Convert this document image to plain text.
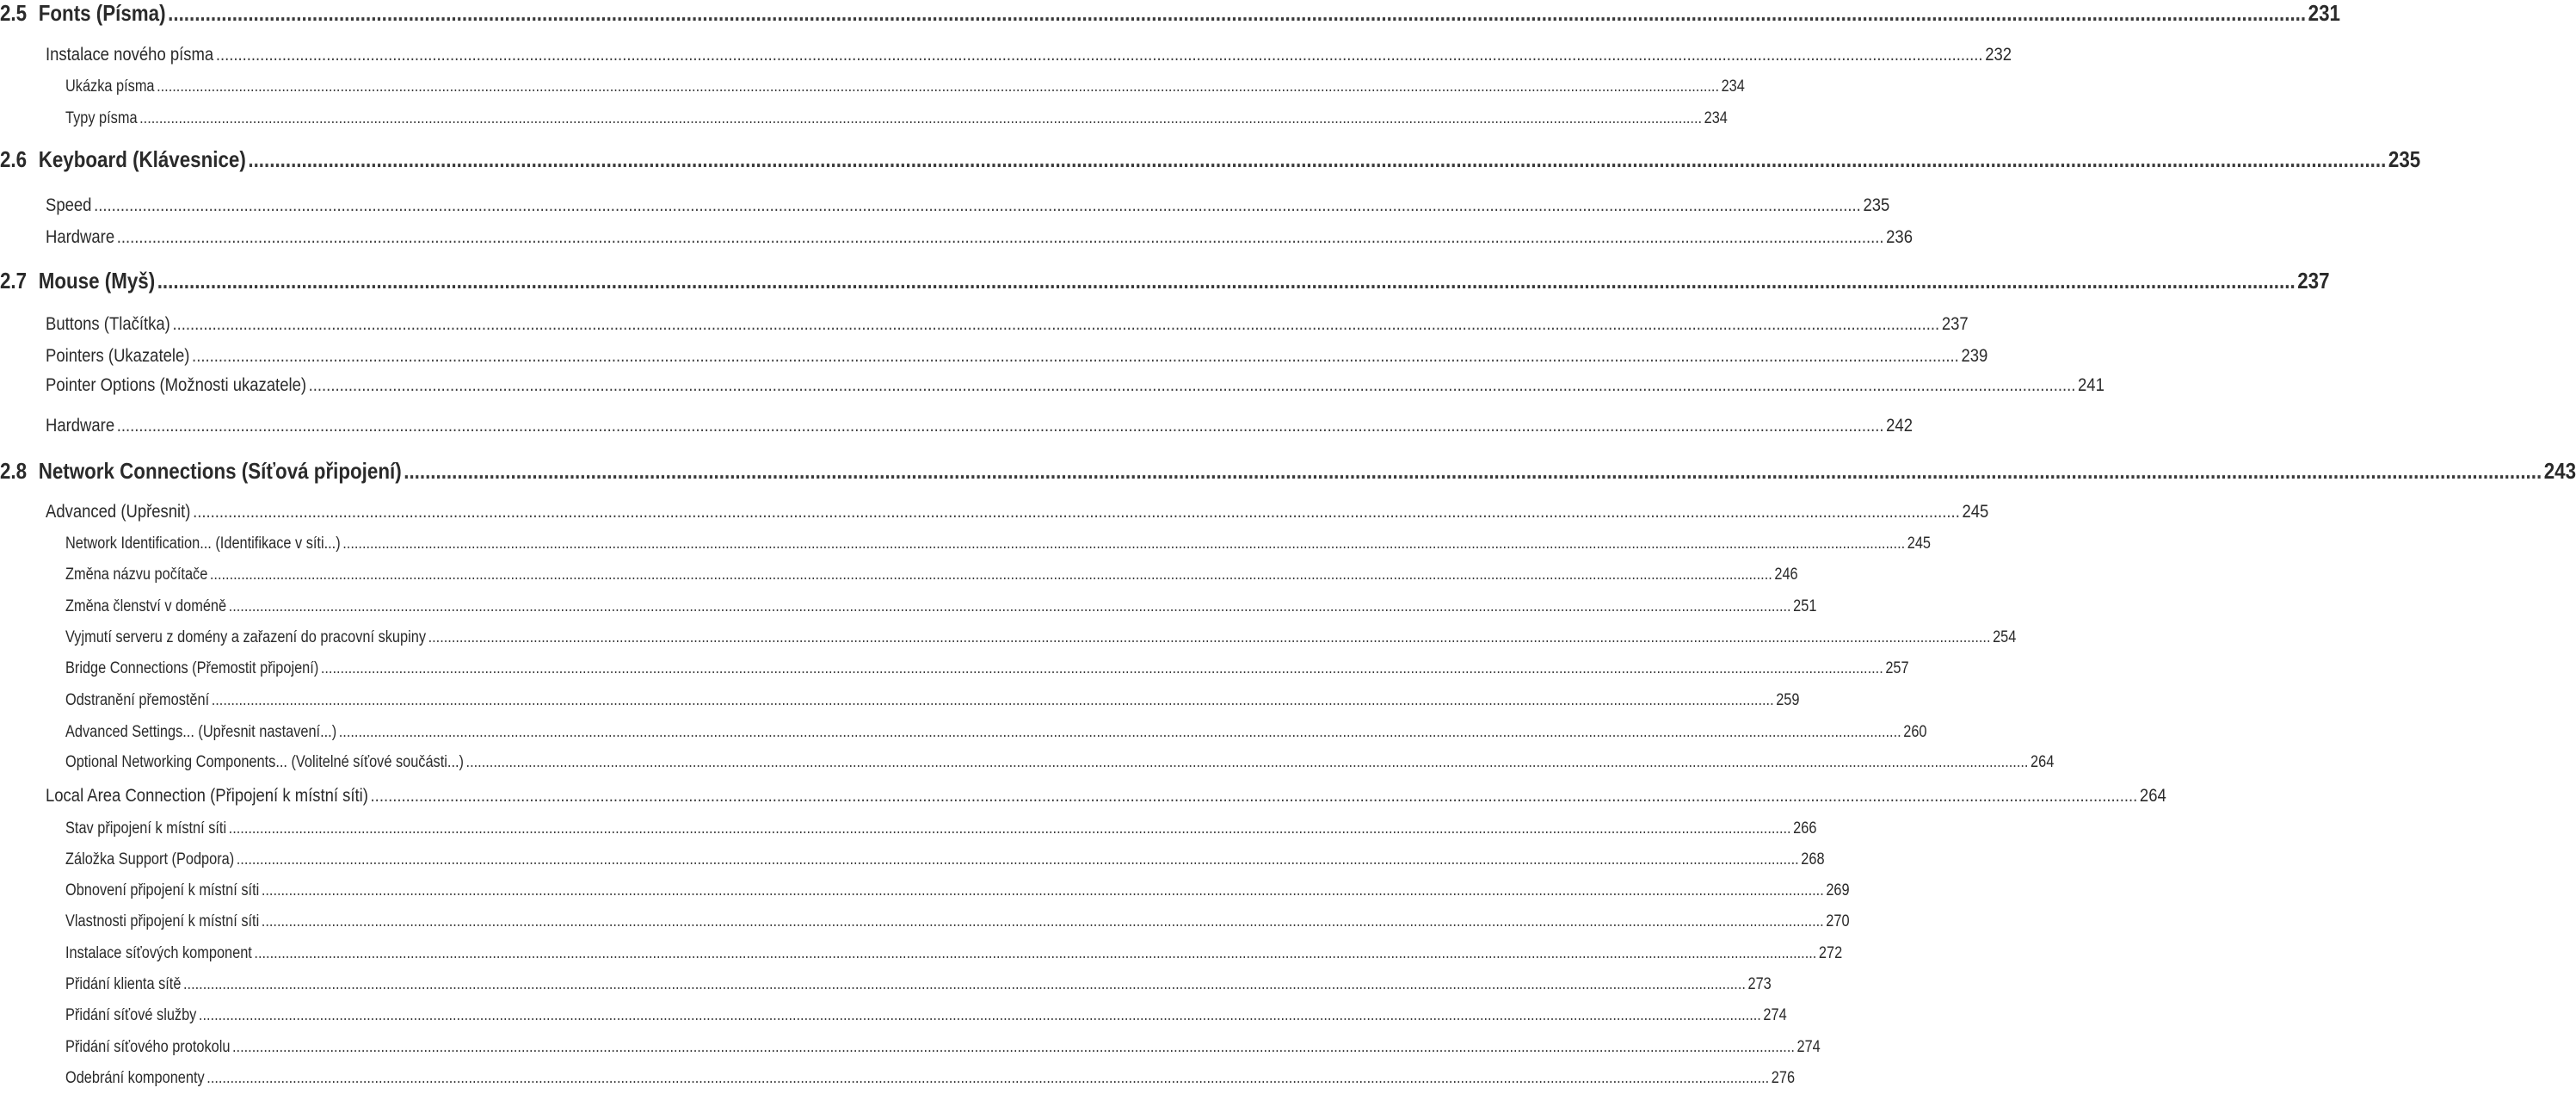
2.5 Fonts (Písma) ................................................................................................................................................................................................................................................................................................................................................................................................................ 231
Instalace nového písma ................................................................................................................................................................................................................................................................................................................................................................................................................ 232
Ukázka písma ................................................................................................................................................................................................................................................................................................................................................................................................................ 234
Typy písma ................................................................................................................................................................................................................................................................................................................................................................................................................ 234
2.6 Keyboard (Klávesnice) ................................................................................................................................................................................................................................................................................................................................................................................................................ 235
Speed ................................................................................................................................................................................................................................................................................................................................................................................................................ 235
Hardware ................................................................................................................................................................................................................................................................................................................................................................................................................ 236
2.7 Mouse (Myš) ................................................................................................................................................................................................................................................................................................................................................................................................................ 237
Buttons (Tlačítka) ................................................................................................................................................................................................................................................................................................................................................................................................................ 237
Pointers (Ukazatele) ................................................................................................................................................................................................................................................................................................................................................................................................................ 239
Pointer Options (Možnosti ukazatele) ................................................................................................................................................................................................................................................................................................................................................................................................................ 241
Hardware ................................................................................................................................................................................................................................................................................................................................................................................................................ 242
2.8 Network Connections (Síťová připojení) ................................................................................................................................................................................................................................................................................................................................................................................................................ 243
Advanced (Upřesnit) ................................................................................................................................................................................................................................................................................................................................................................................................................ 245
Network Identification... (Identifikace v síti...) ................................................................................................................................................................................................................................................................................................................................................................................................................ 245
Změna názvu počítače ................................................................................................................................................................................................................................................................................................................................................................................................................ 246
Změna členství v doméně ................................................................................................................................................................................................................................................................................................................................................................................................................ 251
Vyjmutí serveru z domény a zařazení do pracovní skupiny ................................................................................................................................................................................................................................................................................................................................................................................................................ 254
Bridge Connections (Přemostit připojení) ................................................................................................................................................................................................................................................................................................................................................................................................................ 257
Odstranění přemostění ................................................................................................................................................................................................................................................................................................................................................................................................................ 259
Advanced Settings... (Upřesnit nastavení...) ................................................................................................................................................................................................................................................................................................................................................................................................................ 260
Optional Networking Components... (Volitelné síťové součásti...) ................................................................................................................................................................................................................................................................................................................................................................................................................ 264
Local Area Connection (Připojení k místní síti) ................................................................................................................................................................................................................................................................................................................................................................................................................ 264
Stav připojení k místní síti ................................................................................................................................................................................................................................................................................................................................................................................................................ 266
Záložka Support (Podpora) ................................................................................................................................................................................................................................................................................................................................................................................................................ 268
Obnovení připojení k místní síti ................................................................................................................................................................................................................................................................................................................................................................................................................ 269
Vlastnosti připojení k místní síti ................................................................................................................................................................................................................................................................................................................................................................................................................ 270
Instalace síťových komponent ................................................................................................................................................................................................................................................................................................................................................................................................................ 272
Přidání klienta sítě ................................................................................................................................................................................................................................................................................................................................................................................................................ 273
Přidání síťové služby ................................................................................................................................................................................................................................................................................................................................................................................................................ 274
Přidání síťového protokolu ................................................................................................................................................................................................................................................................................................................................................................................................................ 274
Odebrání komponenty ................................................................................................................................................................................................................................................................................................................................................................................................................ 276
